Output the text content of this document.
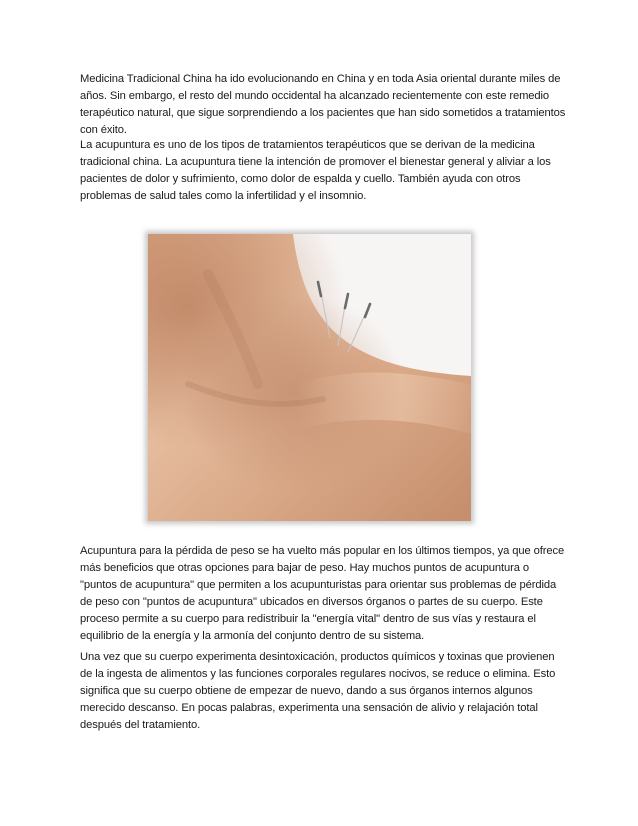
Medicina Tradicional China ha ido evolucionando en China y en toda Asia oriental durante miles de años. Sin embargo, el resto del mundo occidental ha alcanzado recientemente con este remedio terapéutico natural, que sigue sorprendiendo a los pacientes que han sido sometidos a tratamientos con éxito.

La acupuntura es uno de los tipos de tratamientos terapéuticos que se derivan de la medicina tradicional china. La acupuntura tiene la intención de promover el bienestar general y aliviar a los pacientes de dolor y sufrimiento, como dolor de espalda y cuello. También ayuda con otros problemas de salud tales como la infertilidad y el insomnio.

Acupuntura para la pérdida de peso se ha vuelto más popular en los últimos tiempos, ya que ofrece más beneficios que otras opciones para bajar de peso. Hay muchos puntos de acupuntura o "puntos de acupuntura" que permiten a los acupunturistas para orientar sus problemas de pérdida de peso con "puntos de acupuntura" ubicados en diversos órganos o partes de su cuerpo. Este proceso permite a su cuerpo para redistribuir la "energía vital" dentro de sus vías y restaura el equilibrio de la energía y la armonía del conjunto dentro de su sistema.

Una vez que su cuerpo experimenta desintoxicación, productos químicos y toxinas que provienen de la ingesta de alimentos y las funciones corporales regulares nocivos, se reduce o elimina. Esto significa que su cuerpo obtiene de empezar de nuevo, dando a sus órganos internos algunos merecido descanso. En pocas palabras, experimenta una sensación de alivio y relajación total después del tratamiento.
